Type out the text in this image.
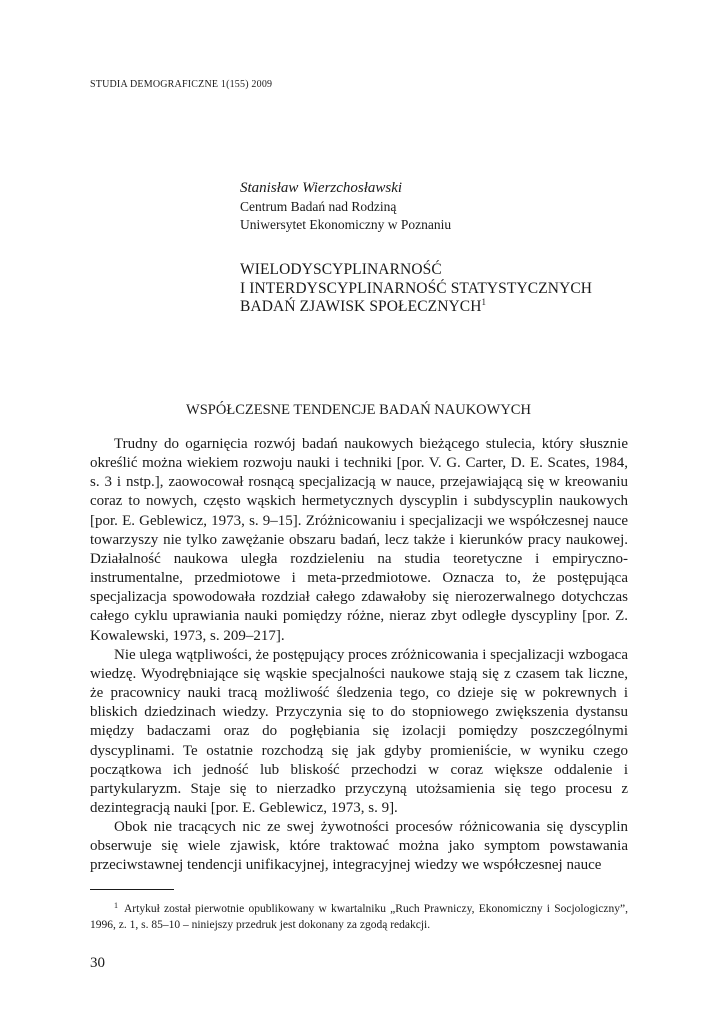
STUDIA DEMOGRAFICZNE 1(155) 2009
Stanisław Wierzchosławski
Centrum Badań nad Rodziną
Uniwersytet Ekonomiczny w Poznaniu
WIELODYSCYPLINARNOŚĆ
I INTERDYSCYPLINARNOŚĆ STATYSTYCZNYCH
BADAŃ ZJAWISK SPOŁECZNYCH$^1$
WSPÓŁCZESNE TENDENCJE BADAŃ NAUKOWYCH

Trudny do ogarnięcia rozwój badań naukowych bieżącego stulecia, który słusznie określić można wiekiem rozwoju nauki i techniki [por. V. G. Carter, D. E. Scates, 1984, s. 3 i nstp.], zaowocował rosnącą specjalizacją w nauce, przejawiającą się w kreowaniu coraz to nowych, często wąskich hermetycznych dyscyplin i subdyscyplin naukowych [por. E. Geblewicz, 1973, s. 9–15]. Zróżnicowaniu i specjalizacji we współczesnej nauce towarzyszy nie tylko zawężanie obszaru badań, lecz także i kierunków pracy naukowej. Działalność naukowa uległa rozdzieleniu na studia teoretyczne i empiryczno-instrumentalne, przedmiotowe i meta-przedmiotowe. Oznacza to, że postępująca specjalizacja spowodowała rozdział całego zdawałoby się nierozerwalnego dotychczas całego cyklu uprawiania nauki pomiędzy różne, nieraz zbyt odległe dyscypliny [por. Z. Kowalewski, 1973, s. 209–217].

Nie ulega wątpliwości, że postępujący proces zróżnicowania i specjalizacji wzbogaca wiedzę. Wyodrębniające się wąskie specjalności naukowe stają się z czasem tak liczne, że pracownicy nauki tracą możliwość śledzenia tego, co dzieje się w pokrewnych i bliskich dziedzinach wiedzy. Przyczynia się to do stopniowego zwiększenia dystansu między badaczami oraz do pogłębiania się izolacji pomiędzy poszczególnymi dyscyplinami. Te ostatnie rozchodzą się jak gdyby promieniście, w wyniku czego początkowa ich jedność lub bliskość przechodzi w coraz większe oddalenie i partykularyzm. Staje się to nierzadko przyczyną utożsamienia się tego procesu z dezintegracją nauki [por. E. Geblewicz, 1973, s. 9].

Obok nie tracących nic ze swej żywotności procesów różnicowania się dyscyplin obserwuje się wiele zjawisk, które traktować można jako symptom powstawania przeciwstawnej tendencji unifikacyjnej, integracyjnej wiedzy we współczesnej nauce

$^1$ Artykuł został pierwotnie opublikowany w kwartalniku „Ruch Prawniczy, Ekonomiczny i Socjologiczny”, 1996, z. 1, s. 85–10 – niniejszy przedruk jest dokonany za zgodą redakcji.

30
